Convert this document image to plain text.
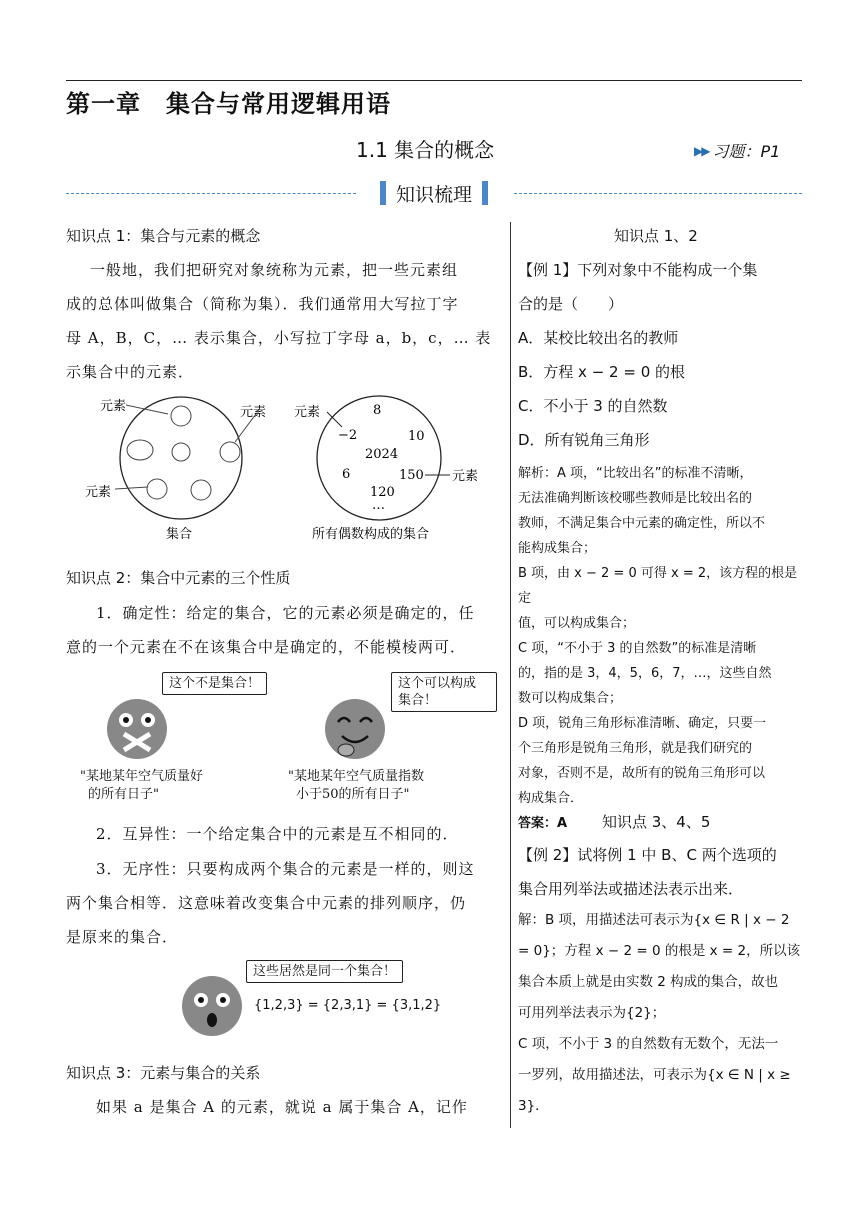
第一章　集合与常用逻辑用语
1.1 集合的概念	▶▶ 习题：P1
知识梳理
知识点 1：集合与元素的概念
一般地，我们把研究对象统称为元素，把一些元素组
成的总体叫做集合（简称为集）．我们通常用大写拉丁字
母 A，B，C，… 表示集合，小写拉丁字母 a，b，c，… 表
示集合中的元素．
元素	元素
元素
集合
8
−2	10
2024
6	150
120
…
元素
元素
所有偶数构成的集合
知识点 2：集合中元素的三个性质
1．确定性：给定的集合，它的元素必须是确定的，任
意的一个元素在不在该集合中是确定的，不能模棱两可．
这个不是集合！	这个可以构成
集合！
"某地某年空气质量好
的所有日子"
"某地某年空气质量指数
小于50的所有日子"
2．互异性：一个给定集合中的元素是互不相同的．
3．无序性：只要构成两个集合的元素是一样的，则这
两个集合相等．这意味着改变集合中元素的排列顺序，仍
是原来的集合．
这些居然是同一个集合！
{1,2,3} = {2,3,1} = {3,1,2}
知识点 3：元素与集合的关系
如果 a 是集合 A 的元素，就说 a 属于集合 A，记作
知识点 1、2
【例 1】下列对象中不能构成一个集
合的是（　　）
A．某校比较出名的教师
B．方程 x − 2 = 0 的根
C．不小于 3 的自然数
D．所有锐角三角形
解析：A 项，“比较出名”的标准不清晰，
无法准确判断该校哪些教师是比较出名的
教师，不满足集合中元素的确定性，所以不
能构成集合；
B 项，由 x − 2 = 0 可得 x = 2，该方程的根是定
值，可以构成集合；
C 项，“不小于 3 的自然数”的标准是清晰
的，指的是 3，4，5，6，7，…，这些自然
数可以构成集合；
D 项，锐角三角形标准清晰、确定，只要一
个三角形是锐角三角形，就是我们研究的
对象，否则不是，故所有的锐角三角形可以
构成集合．
答案：A	知识点 3、4、5
【例 2】试将例 1 中 B、C 两个选项的
集合用列举法或描述法表示出来．
解：B 项，用描述法可表示为{x ∈ R | x − 2
= 0}；方程 x − 2 = 0 的根是 x = 2，所以该
集合本质上就是由实数 2 构成的集合，故也
可用列举法表示为{2}；
C 项，不小于 3 的自然数有无数个，无法一
一罗列，故用描述法，可表示为{x ∈ N | x ≥
3}．
